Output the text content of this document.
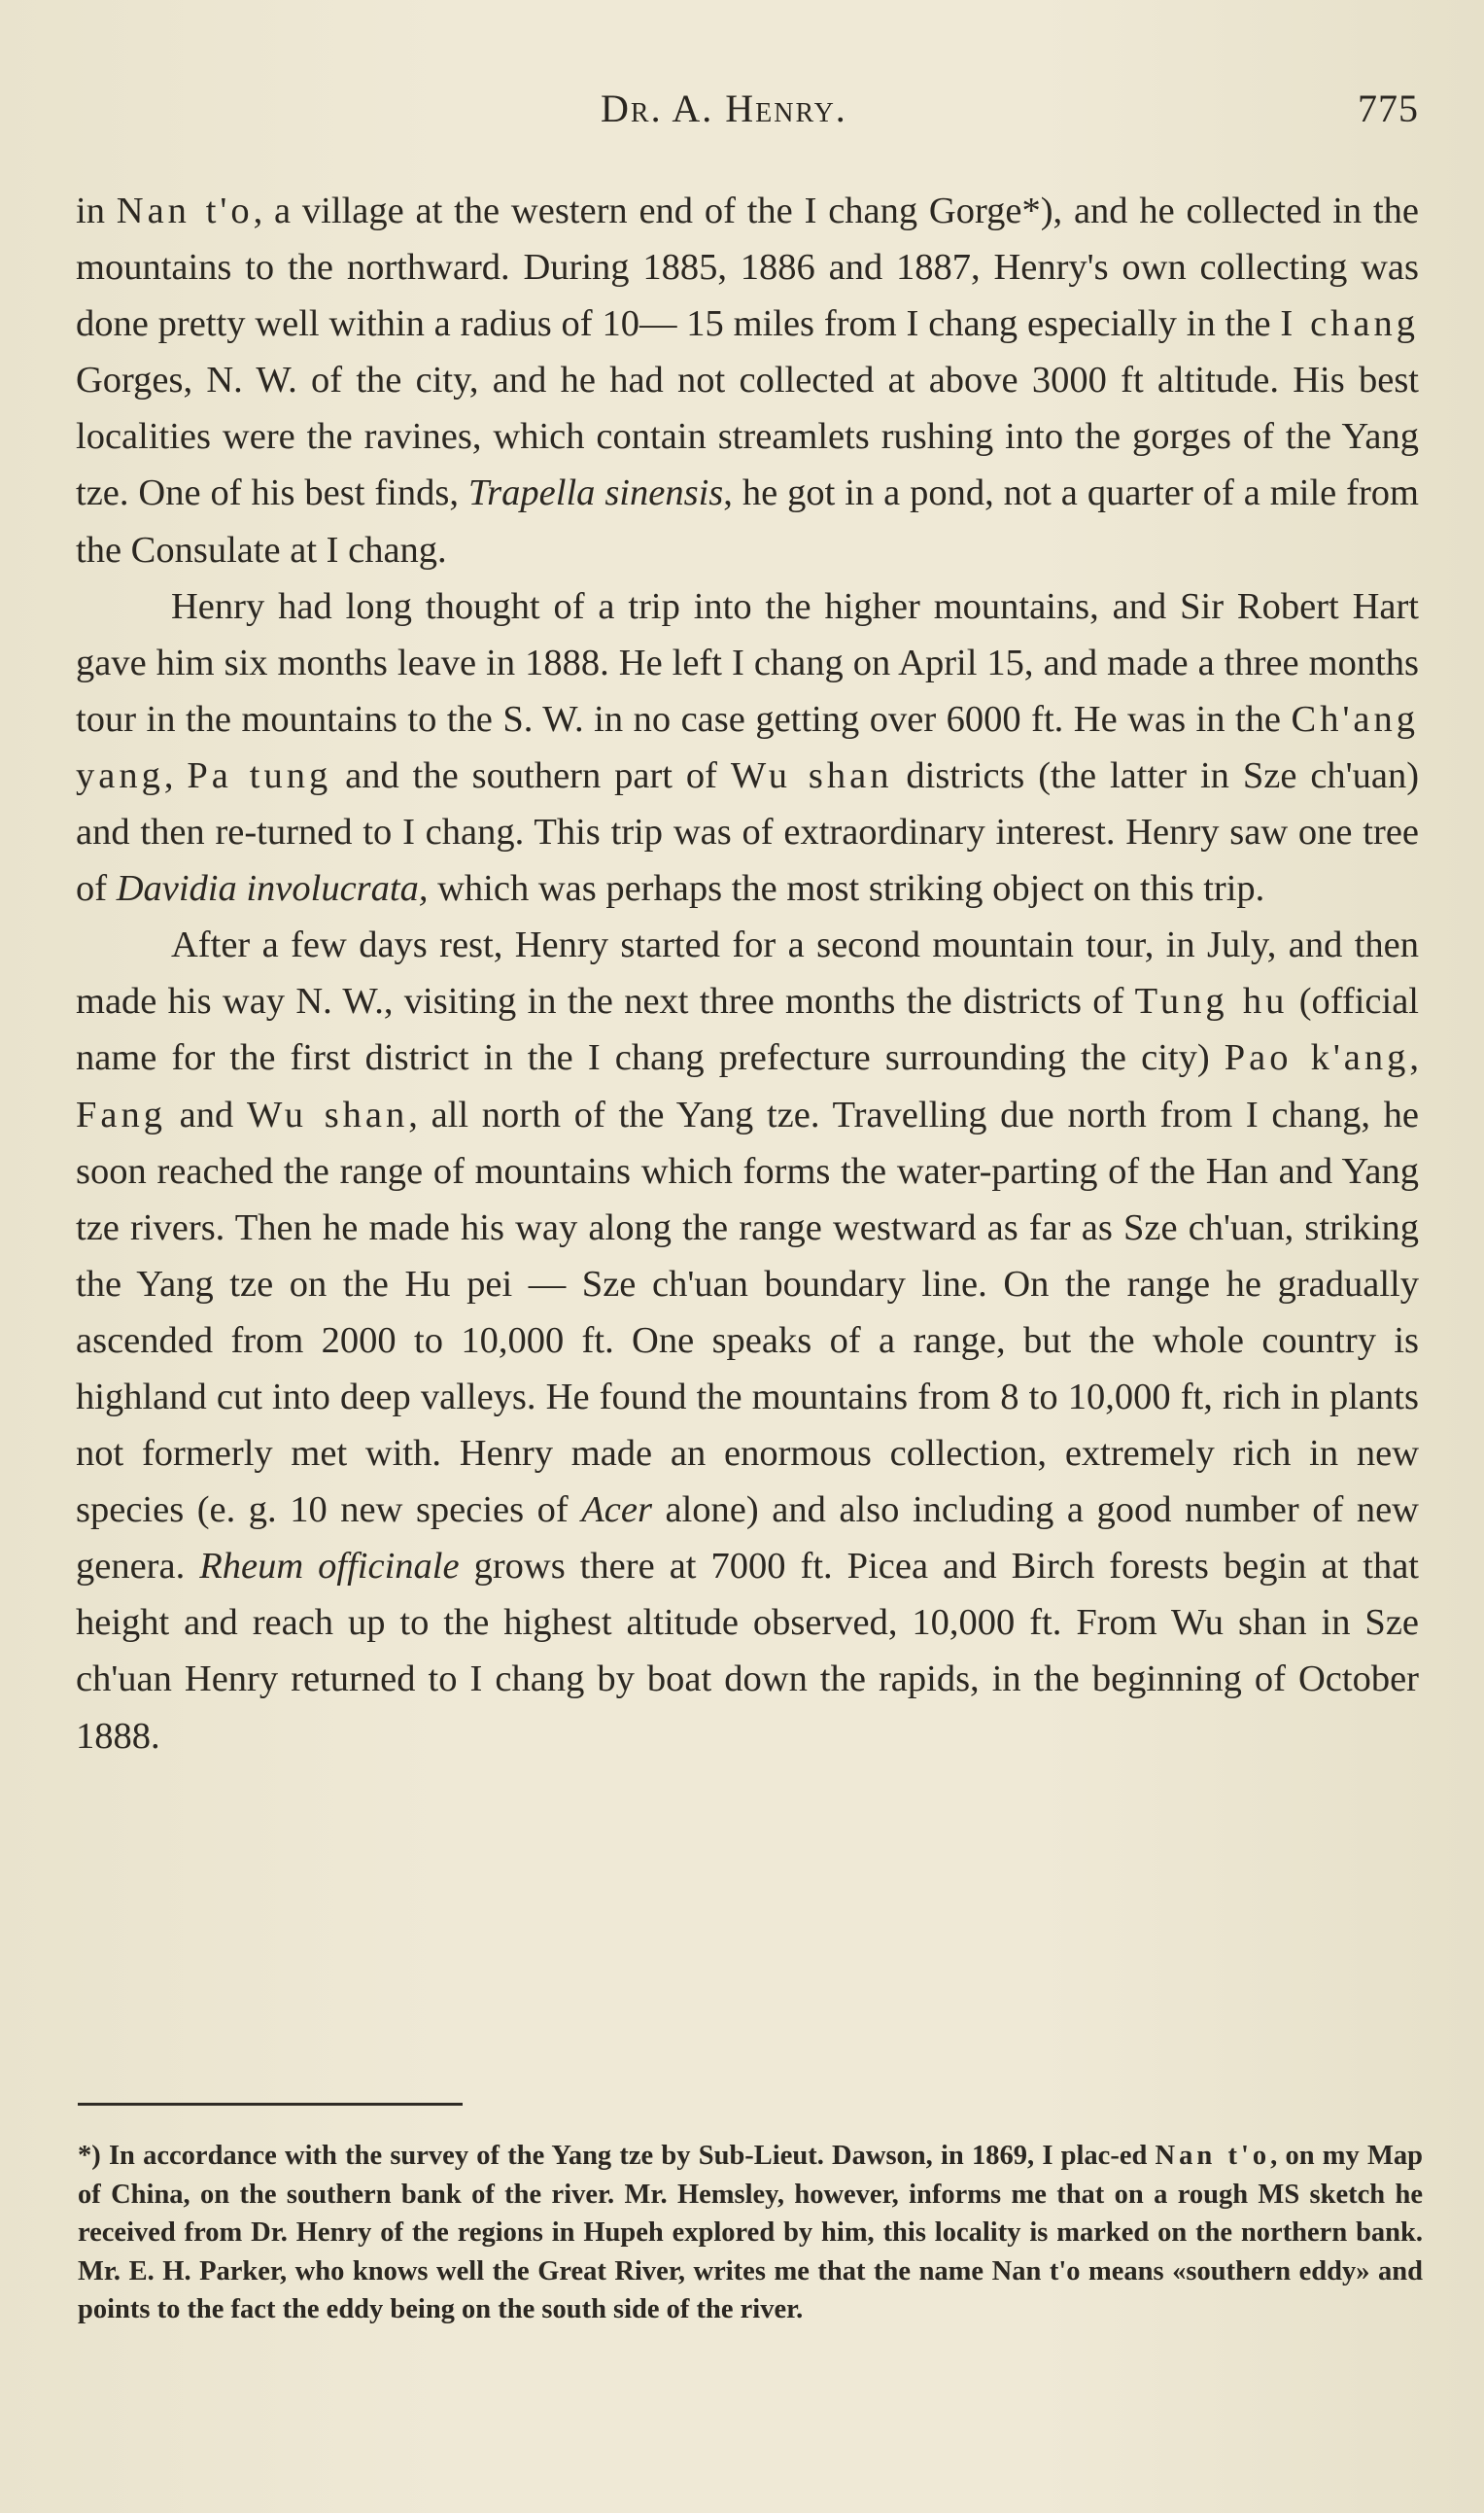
Dr. A. Henry.	775

in Nan t'o, a village at the western end of the I chang Gorge*), and he collected in the mountains to the northward. During 1885, 1886 and 1887, Henry's own collecting was done pretty well within a radius of 10— 15 miles from I chang especially in the I chang Gorges, N. W. of the city, and he had not collected at above 3000 ft altitude. His best localities were the ravines, which contain streamlets rushing into the gorges of the Yang tze. One of his best finds, Trapella sinensis, he got in a pond, not a quarter of a mile from the Consulate at I chang.

Henry had long thought of a trip into the higher mountains, and Sir Robert Hart gave him six months leave in 1888. He left I chang on April 15, and made a three months tour in the mountains to the S. W. in no case getting over 6000 ft. He was in the Ch'ang yang, Pa tung and the southern part of Wu shan districts (the latter in Sze ch'uan) and then re-turned to I chang. This trip was of extraordinary interest. Henry saw one tree of Davidia involucrata, which was perhaps the most striking object on this trip.

After a few days rest, Henry started for a second mountain tour, in July, and then made his way N. W., visiting in the next three months the districts of Tung hu (official name for the first district in the I chang prefecture surrounding the city) Pao k'ang, Fang and Wu shan, all north of the Yang tze. Travelling due north from I chang, he soon reached the range of mountains which forms the water-parting of the Han and Yang tze rivers. Then he made his way along the range westward as far as Sze ch'uan, striking the Yang tze on the Hu pei — Sze ch'uan boundary line. On the range he gradually ascended from 2000 to 10,000 ft. One speaks of a range, but the whole country is highland cut into deep valleys. He found the mountains from 8 to 10,000 ft, rich in plants not formerly met with. Henry made an enormous collection, extremely rich in new species (e. g. 10 new species of Acer alone) and also including a good number of new genera. Rheum officinale grows there at 7000 ft. Picea and Birch forests begin at that height and reach up to the highest altitude observed, 10,000 ft. From Wu shan in Sze ch'uan Henry returned to I chang by boat down the rapids, in the beginning of October 1888.

*) In accordance with the survey of the Yang tze by Sub-Lieut. Dawson, in 1869, I plac-ed Nan t'o, on my Map of China, on the southern bank of the river. Mr. Hemsley, however, informs me that on a rough MS sketch he received from Dr. Henry of the regions in Hupeh explored by him, this locality is marked on the northern bank. Mr. E. H. Parker, who knows well the Great River, writes me that the name Nan t'o means «southern eddy» and points to the fact the eddy being on the south side of the river.
